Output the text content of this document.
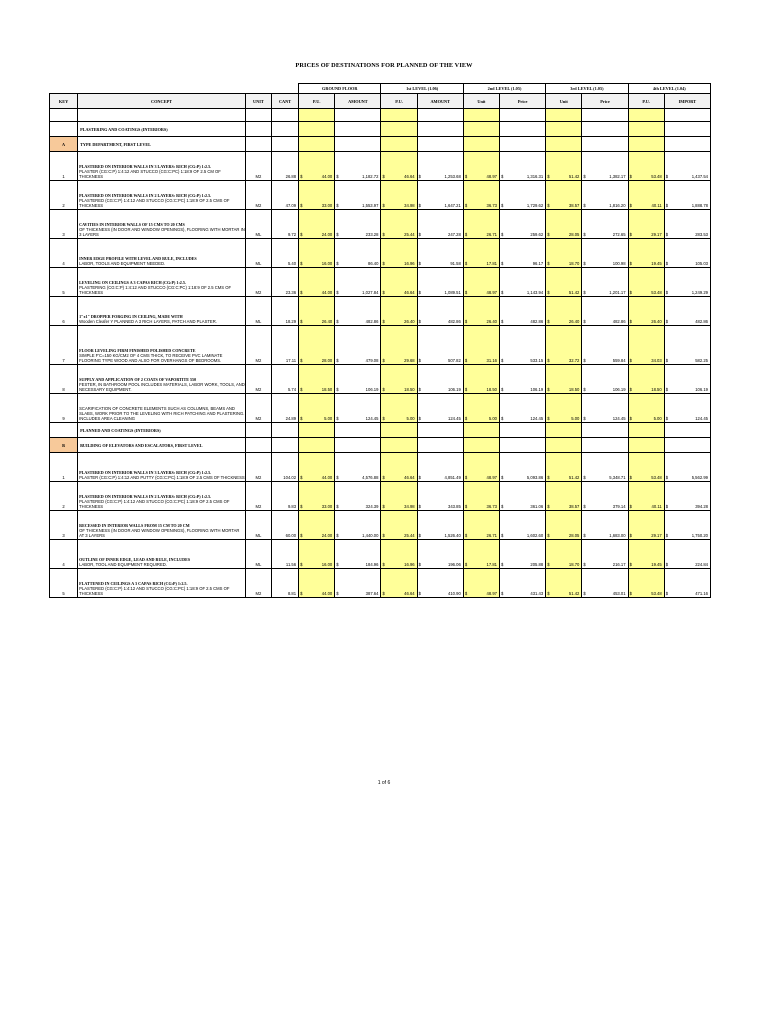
PRICES OF DESTINATIONS FOR PLANNED OF THE VIEW
				GROUND FLOOR		1st LEVEL (1.06)		2nd LEVEL (1.05)		3rd LEVEL (1.05)		4th LEVEL (1.04)	
KEY	CONCEPT	UNIT	CANT	P.U.	AMOUNT	P.U.	AMOUNT	Unit	Price	Unit	Price	P.U.	IMPORT

	PLASTERING AND COATINGS (INTERIORS)												
A	TYPE DEPARTMENT, FIRST LEVEL												
1	PLASTERED ON INTERIOR WALLS IN 3 LAYERS: RICH (CG:P) 1:2.5.
PLASTER (CG:C:P) 1:4:12 AND STUCCO (CG:C:PC) 1:18:9 OF 2.5 CM OF THICKNESS	M2	26.88	$ 44.00	$ 1,182.72	$ 46.64	$ 1,253.68	$ 48.97	$ 1,316.31	$ 51.42	$ 1,382.17	$ 53.48	$ 1,437.54
2	PLASTERED ON INTERIOR WALLS IN 2 LAYERS: RICH (CG:P) 1:2.5.
PLASTERED (CG:C:P) 1:4:12 AND STUCCO (CG:C:PC) 1:18:9 OF 2.5 CMS OF THICKNESS	M2	47.09	$ 33.00	$ 1,553.97	$ 34.98	$ 1,647.21	$ 36.73	$ 1,729.62	$ 38.57	$ 1,816.20	$ 40.11	$ 1,888.78
3	CAVITIES IN INTERIOR WALLS OF 15 CMS TO 20 CMS
OF THICKNESS (IN DOOR AND WINDOW OPENINGS), FLOORING WITH MORTAR IN 3 LAYERS	ML	9.72	$ 24.00	$ 233.28	$ 25.44	$ 247.28	$ 26.71	$ 259.62	$ 28.05	$ 272.65	$ 29.17	$ 283.53
4	INNER EDGE PROFILE WITH LEVEL AND RULE, INCLUDES
LABOR, TOOLS AND EQUIPMENT NEEDED.	ML	5.40	$ 16.00	$ 86.40	$ 16.96	$ 91.58	$ 17.81	$ 96.17	$ 18.70	$ 100.98	$ 19.45	$ 105.03
5	LEVELING ON CEILINGS A 3 CAPAS RICH (CG:P) 1:2.5.
PLASTERING (CG:C:P) 1:4:12 AND STUCCO (CG:C:PC) 1:18:9 OF 2.5 CMS OF THICKNESS	M2	23.36	$ 44.00	$ 1,027.84	$ 46.64	$ 1,089.51	$ 48.97	$ 1,143.94	$ 51.42	$ 1,201.17	$ 53.48	$ 1,249.29
6	1"x1" DROPPER FORGING IN CEILING, MADE WITH
Wooden Cleafer Y PLANNED A 3 RICH LAYERS, PATCH AND PLASTER.	ML	18.29	$ 26.40	$ 482.86	$ 26.40	$ 482.86	$ 26.40	$ 482.86	$ 26.40	$ 482.86	$ 26.40	$ 482.86
7	FLOOR LEVELING FIRM FINISHED POLISHED CONCRETE
SIMPLE F'C=150 KG/CM2 OF 4 CMS THICK, TO RECEIVE PVC LAMINATE FLOORING TYPE WOOD AND ALSO FOR OVERHANGS OF BEDROOMS.	M2	17.11	$ 28.00	$ 479.08	$ 29.68	$ 507.82	$ 31.16	$ 533.15	$ 32.72	$ 559.84	$ 34.03	$ 582.25
8	SUPPLY AND APPLICATION OF 2 COATS OF VAPORTITE 550
FESTER, IN BATHROOM POOL INCLUDES MATERIALS, LABOR WORK, TOOLS, AND NECESSARY EQUIPMENT.	M2	5.74	$ 18.50	$ 106.19	$ 18.50	$ 106.19	$ 18.50	$ 106.19	$ 18.50	$ 106.19	$ 18.50	$ 106.19
9	SCARIFICATION OF CONCRETE ELEMENTS SUCH AS COLUMNS, BEAMS AND SLABS, WORK PRIOR TO THE LEVELING WITH RICH PATCHING AND PLASTERING. INCLUDES AREA CLEANING	M2	24.89	$ 5.00	$ 124.45	$ 5.00	$ 124.45	$ 5.00	$ 124.45	$ 5.00	$ 124.45	$ 5.00	$ 124.45
	PLANNED AND COATINGS (INTERIORS)												
B	BUILDING OF ELEVATORS AND ESCALATORS, FIRST LEVEL												
1	PLASTERED ON INTERIOR WALLS IN 3 LAYERS: RICH (CG:P) 1:2.5.
PLASTER (CG:C:P) 1:4:12 AND PUTTY (CG:C:PC) 1:18:9 OF 2.5 CMS OF THICKNESS	M2	104.02	$ 44.00	$ 4,576.88	$ 46.64	$ 4,851.49	$ 48.97	$ 5,093.86	$ 51.42	$ 5,348.71	$ 53.48	$ 5,562.99
2	PLASTERED ON INTERIOR WALLS IN 2 LAYERS: RICH (CG:P) 1:2.5.
PLASTERED (CG:C:P) 1:4:12 AND STUCCO (CG:C:PC) 1:18:9 OF 2.5 CMS OF THICKNESS	M2	9.83	$ 33.00	$ 324.39	$ 34.98	$ 343.85	$ 36.73	$ 361.06	$ 38.57	$ 379.14	$ 40.11	$ 394.28
3	RECESSED IN INTERIOR WALLS FROM 15 CM TO 20 CM
OF THICKNESS (IN DOOR AND WINDOW OPENINGS), FLOORING WITH MORTAR AT 3 LAYERS	ML	60.00	$ 24.00	$ 1,440.00	$ 25.44	$ 1,526.40	$ 26.71	$ 1,602.60	$ 28.05	$ 1,683.00	$ 29.17	$ 1,750.20
4	OUTLINE OF INNER EDGE, LEAD AND RULE, INCLUDES
LABOR, TOOL AND EQUIPMENT REQUIRED.	ML	11.56	$ 16.00	$ 184.96	$ 16.96	$ 196.06	$ 17.81	$ 205.88	$ 18.70	$ 216.17	$ 19.45	$ 224.84
5	FLATTENED IN CEILINGS A 3 CAPAS RICH (CG:P) 1:2.5.
PLASTERED (CG:C:P) 1:4:12 AND STUCCO (CG:C:PC) 1:18:9 OF 2.5 CMS OF THICKNESS	M2	8.81	$ 44.00	$ 387.64	$ 46.64	$ 410.90	$ 48.97	$ 431.43	$ 51.42	$ 453.01	$ 53.48	$ 471.16
1 of 6
